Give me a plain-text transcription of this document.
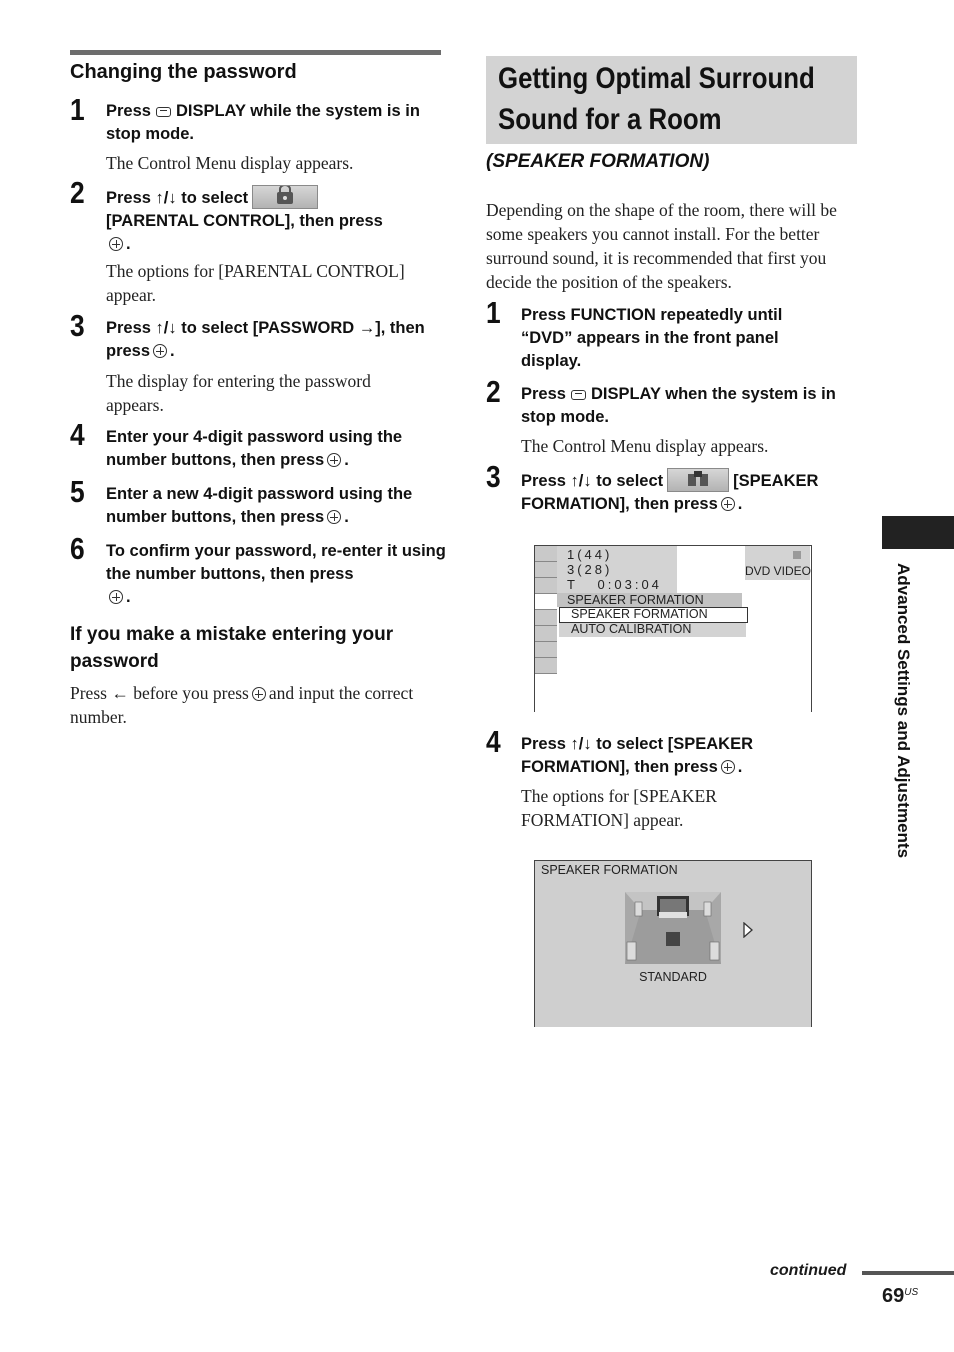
Changing the password
1 Press DISPLAY while the system is in stop mode.
The Control Menu display appears.
2 Press ↑/↓ to select
[PARENTAL CONTROL], then press
.
The options for [PARENTAL CONTROL] appear.
3 Press ↑/↓ to select [PASSWORD →], then press .
The display for entering the password appears.
4 Enter your 4-digit password using the number buttons, then press .
5 Enter a new 4-digit password using the number buttons, then press .
6 To confirm your password, re-enter it using the number buttons, then press
.
If you make a mistake entering your password
Press ← before you press and input the correct number.
Getting Optimal Surround
Sound for a Room
(SPEAKER FORMATION)
Depending on the shape of the room, there will be some speakers you cannot install. For the better surround sound, it is recommended that first you decide the position of the speakers.
1 Press FUNCTION repeatedly until “DVD” appears in the front panel display.
2 Press DISPLAY when the system is in stop mode.
The Control Menu display appears.
3 Press ↑/↓ to select	[SPEAKER FORMATION], then press .
1(44)
3(28)
T   0:03:04
DVD VIDEO
SPEAKER FORMATION
SPEAKER FORMATION
AUTO CALIBRATION
4 Press ↑/↓ to select [SPEAKER FORMATION], then press .
The options for [SPEAKER FORMATION] appear.
SPEAKER FORMATION
STANDARD
Advanced Settings and Adjustments
continued
$69^{US}$
